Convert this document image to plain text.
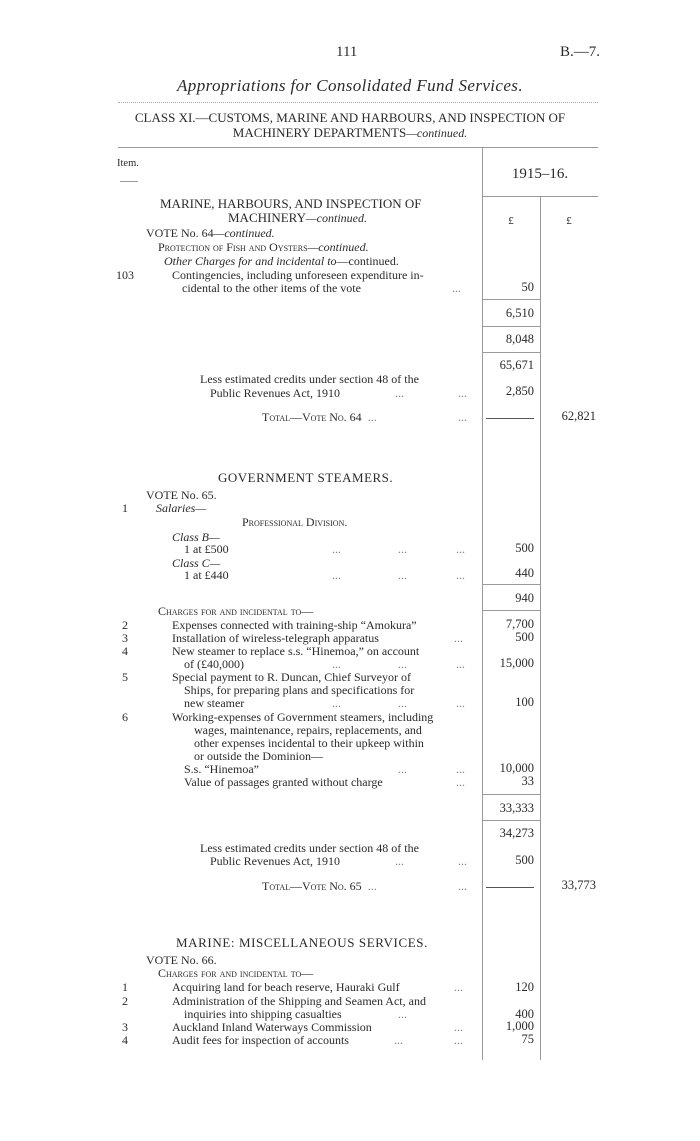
111	B.—7.
Appropriations for Consolidated Fund Services.
CLASS XI.—CUSTOMS, MARINE AND HARBOURS, AND INSPECTION OF
MACHINERY DEPARTMENTS—continued.
Item.
1915–16.
£	£
MARINE, HARBOURS, AND INSPECTION OF
MACHINERY—continued.
VOTE No. 64—continued.
Protection of Fish and Oysters—continued.
Other Charges for and incidental to—continued.
103	Contingencies, including unforeseen expenditure in-
cidental to the other items of the vote	...	50
6,510
8,048
65,671
Less estimated credits under section 48 of the
Public Revenues Act, 1910	...	...	2,850
Total—Vote No. 64 ...	...	62,821
GOVERNMENT STEAMERS.
VOTE No. 65.
1	Salaries—
Professional Division.
Class B—
1 at £500	...	...	...	500
Class C—
1 at £440	...	...	...	440
940
Charges for and incidental to—
2	Expenses connected with training-ship “Amokura”	7,700
3	Installation of wireless-telegraph apparatus	...	500
4	New steamer to replace s.s. “Hinemoa,” on account
of (£40,000)	...	...	...	15,000
5	Special payment to R. Duncan, Chief Surveyor of
Ships, for preparing plans and specifications for
new steamer	...	...	...	100
6	Working-expenses of Government steamers, including
wages, maintenance, repairs, replacements, and
other expenses incidental to their upkeep within
or outside the Dominion—
S.s. “Hinemoa”	...	...	10,000
Value of passages granted without charge	...	33
33,333
34,273
Less estimated credits under section 48 of the
Public Revenues Act, 1910	...	...	500
Total—Vote No. 65 ...	...	33,773
MARINE: MISCELLANEOUS SERVICES.
VOTE No. 66.
Charges for and incidental to—
1	Acquiring land for beach reserve, Hauraki Gulf	...	120
2	Administration of the Shipping and Seamen Act, and
inquiries into shipping casualties	...	400
3	Auckland Inland Waterways Commission	...	1,000
4	Audit fees for inspection of accounts	...	...	75
